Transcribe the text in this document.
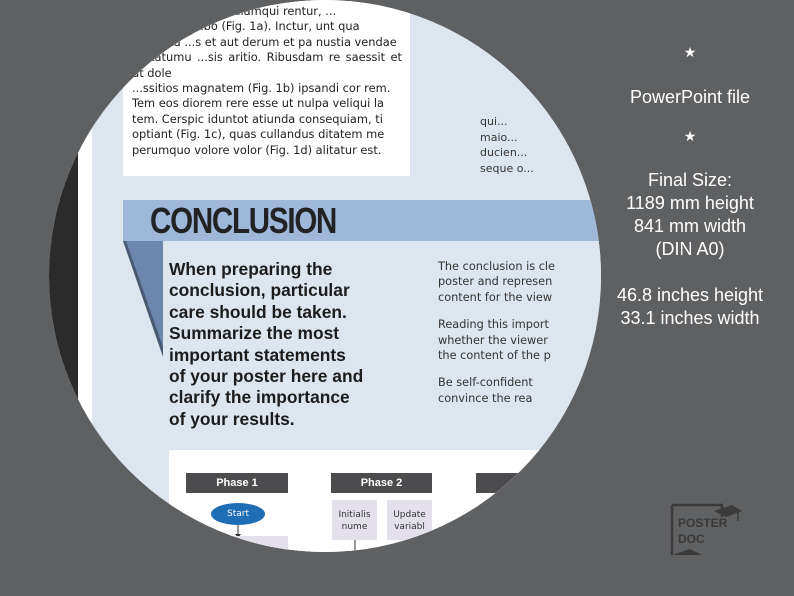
...l... ...quae ...t ...diamqui rentur, ...

...ri... ...millabo (Fig. 1a). Inctur, unt qua

...nsecta ...s et aut derum et pa nustia vendae

...ptatumu ...sis aritio. Ribusdam re saessit et ut dole

...ssitios magnatem (Fig. 1b) ipsandi cor rem.

Tem eos diorem rere esse ut nulpa veliqui la

tem. Cerspic iduntot atiunda consequiam, ti

optiant (Fig. 1c), quas cullandus ditatem me

perumquo volore volor (Fig. 1d) alitatur est.

qui...
maio...
ducien...
seque o...
CONCLUSION
When preparing the
conclusion, particular
care should be taken.
Summarize the most
important statements
of your poster here and
clarify the importance
of your results.

The conclusion is cle
poster and represen
content for the view

Reading this import
whether the viewer
the content of the p

Be self-confident
convince the rea

Phase 1	Phase 2
Start
...sum
Initialis nume
Update variabl
★
PowerPoint file
★
Final Size:
1189 mm height
841 mm width
(DIN A0)
46.8 inches height
33.1 inches width
POSTER
DOC
